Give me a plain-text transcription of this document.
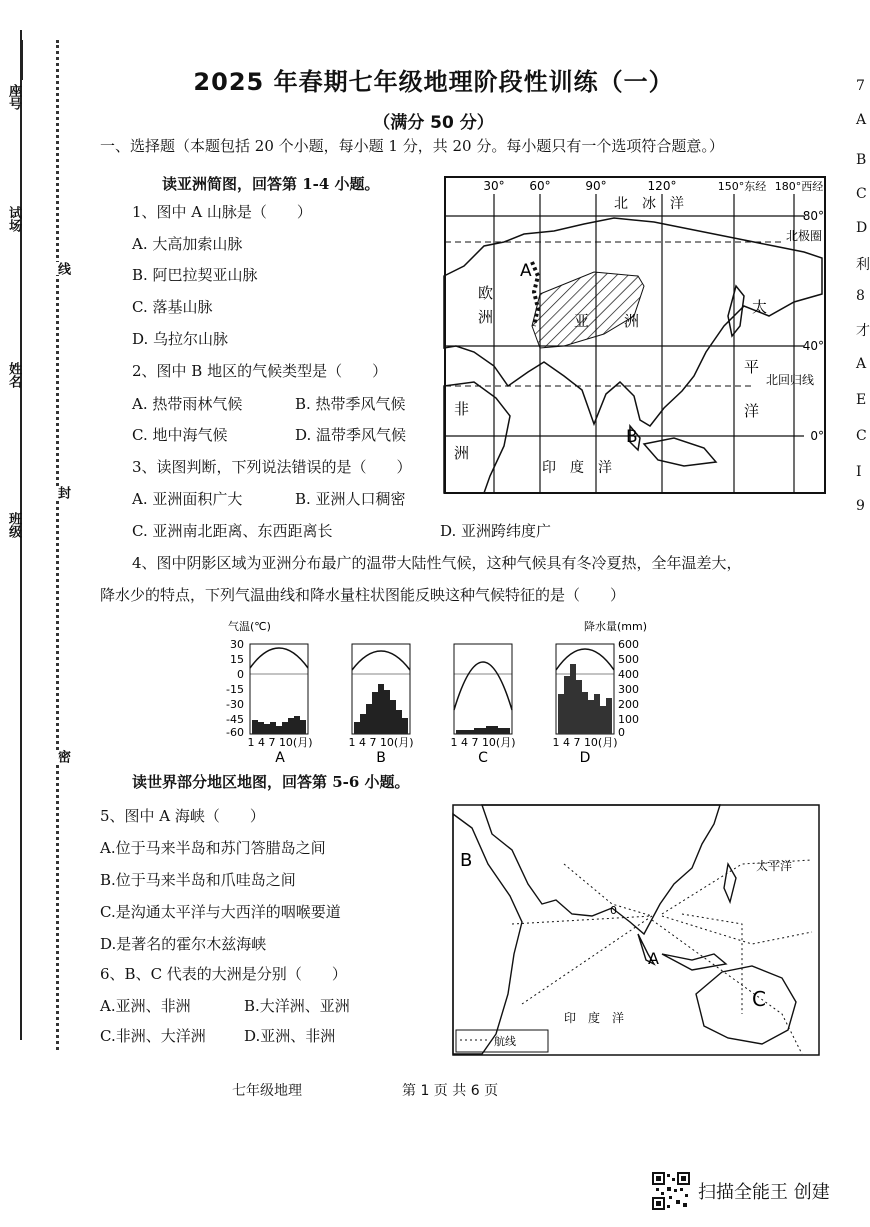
座号
试场
姓名
班级
线
封
密
2025 年春期七年级地理阶段性训练（一）
（满分 50 分）
一、选择题（本题包括 20 个小题，每小题 1 分，共 20 分。每小题只有一个选项符合题意。）
读亚洲简图，回答第 1-4 小题。
1、图中 A 山脉是（　　）
A. 大高加索山脉
B. 阿巴拉契亚山脉
C. 落基山脉
D. 乌拉尔山脉
2、图中 B 地区的气候类型是（　　）
A. 热带雨林气候	B. 热带季风气候
C. 地中海气候	D. 温带季风气候
3、读图判断，下列说法错误的是（　　）
A. 亚洲面积广大	B. 亚洲人口稠密
C. 亚洲南北距离、东西距离长	D. 亚洲跨纬度广
4、图中阴影区域为亚洲分布最广的温带大陆性气候，这种气候具有冬冷夏热，全年温差大，
降水少的特点，下列气温曲线和降水量柱状图能反映这种气候特征的是（　　）
30° 60°	90°	120°	150°东经 180°西经
80°
40°
0°
北　冰　洋
北极圈
北回归线
欧
洲	亚 洲
非
洲
太
平
洋
印　度　洋
A
B
气温(℃)	降水量(mm)
30
15
0
-15
-30
-45
-60
600
500
400
300
200
100
0
1 4 7 10(月)
A
1 4 7 10(月)
B
1 4 7 10(月)
C
1 4 7 10(月)
D
读世界部分地区地图，回答第 5-6 小题。
5、图中 A 海峡（　　）
A.位于马来半岛和苏门答腊岛之间
B.位于马来半岛和爪哇岛之间
C.是沟通太平洋与大西洋的咽喉要道
D.是著名的霍尔木兹海峡
6、B、C 代表的大洲是分别（　　）
A.亚洲、非洲	B.大洋洲、亚洲
C.非洲、大洋洲	D.亚洲、非洲	航线
B
A
C
太平洋
印　度　洋
0
七年级地理	第 1 页 共 6 页
扫描全能王 创建
7
A
B
C
D
利
8
才
A
E
C
I
9
